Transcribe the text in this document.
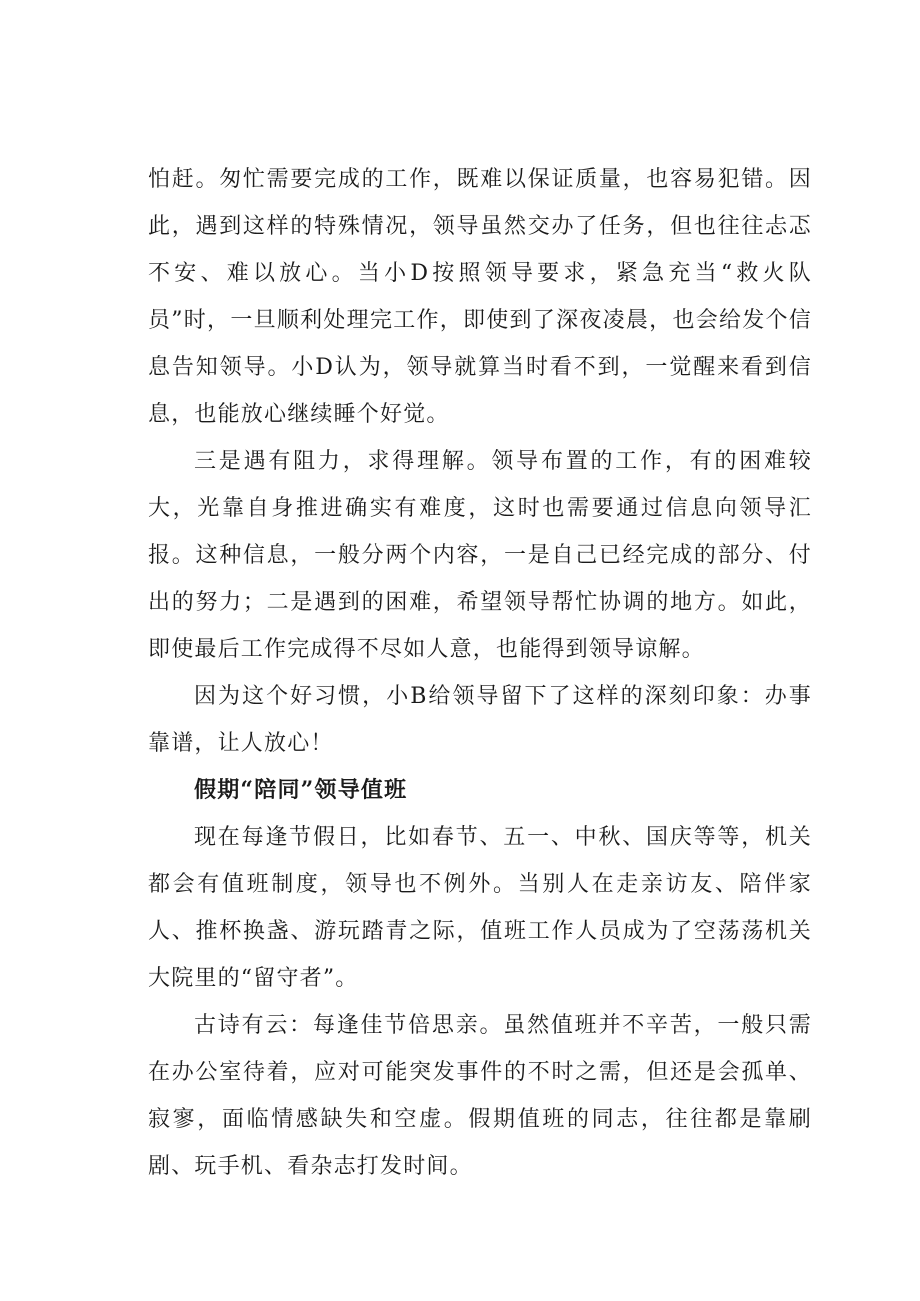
怕赶。匆忙需要完成的工作，既难以保证质量，也容易犯错。因此，遇到这样的特殊情况，领导虽然交办了任务，但也往往忐忑不安、难以放心。当小D按照领导要求，紧急充当“救火队员”时，一旦顺利处理完工作，即使到了深夜凌晨，也会给发个信息告知领导。小D认为，领导就算当时看不到，一觉醒来看到信息，也能放心继续睡个好觉。

三是遇有阻力，求得理解。领导布置的工作，有的困难较大，光靠自身推进确实有难度，这时也需要通过信息向领导汇报。这种信息，一般分两个内容，一是自己已经完成的部分、付出的努力；二是遇到的困难，希望领导帮忙协调的地方。如此，即使最后工作完成得不尽如人意，也能得到领导谅解。

因为这个好习惯，小B给领导留下了这样的深刻印象：办事靠谱，让人放心！

假期“陪同”领导值班

现在每逢节假日，比如春节、五一、中秋、国庆等等，机关都会有值班制度，领导也不例外。当别人在走亲访友、陪伴家人、推杯换盏、游玩踏青之际，值班工作人员成为了空荡荡机关大院里的“留守者”。

古诗有云：每逢佳节倍思亲。虽然值班并不辛苦，一般只需在办公室待着，应对可能突发事件的不时之需，但还是会孤单、寂寥，面临情感缺失和空虚。假期值班的同志，往往都是靠刷剧、玩手机、看杂志打发时间。
